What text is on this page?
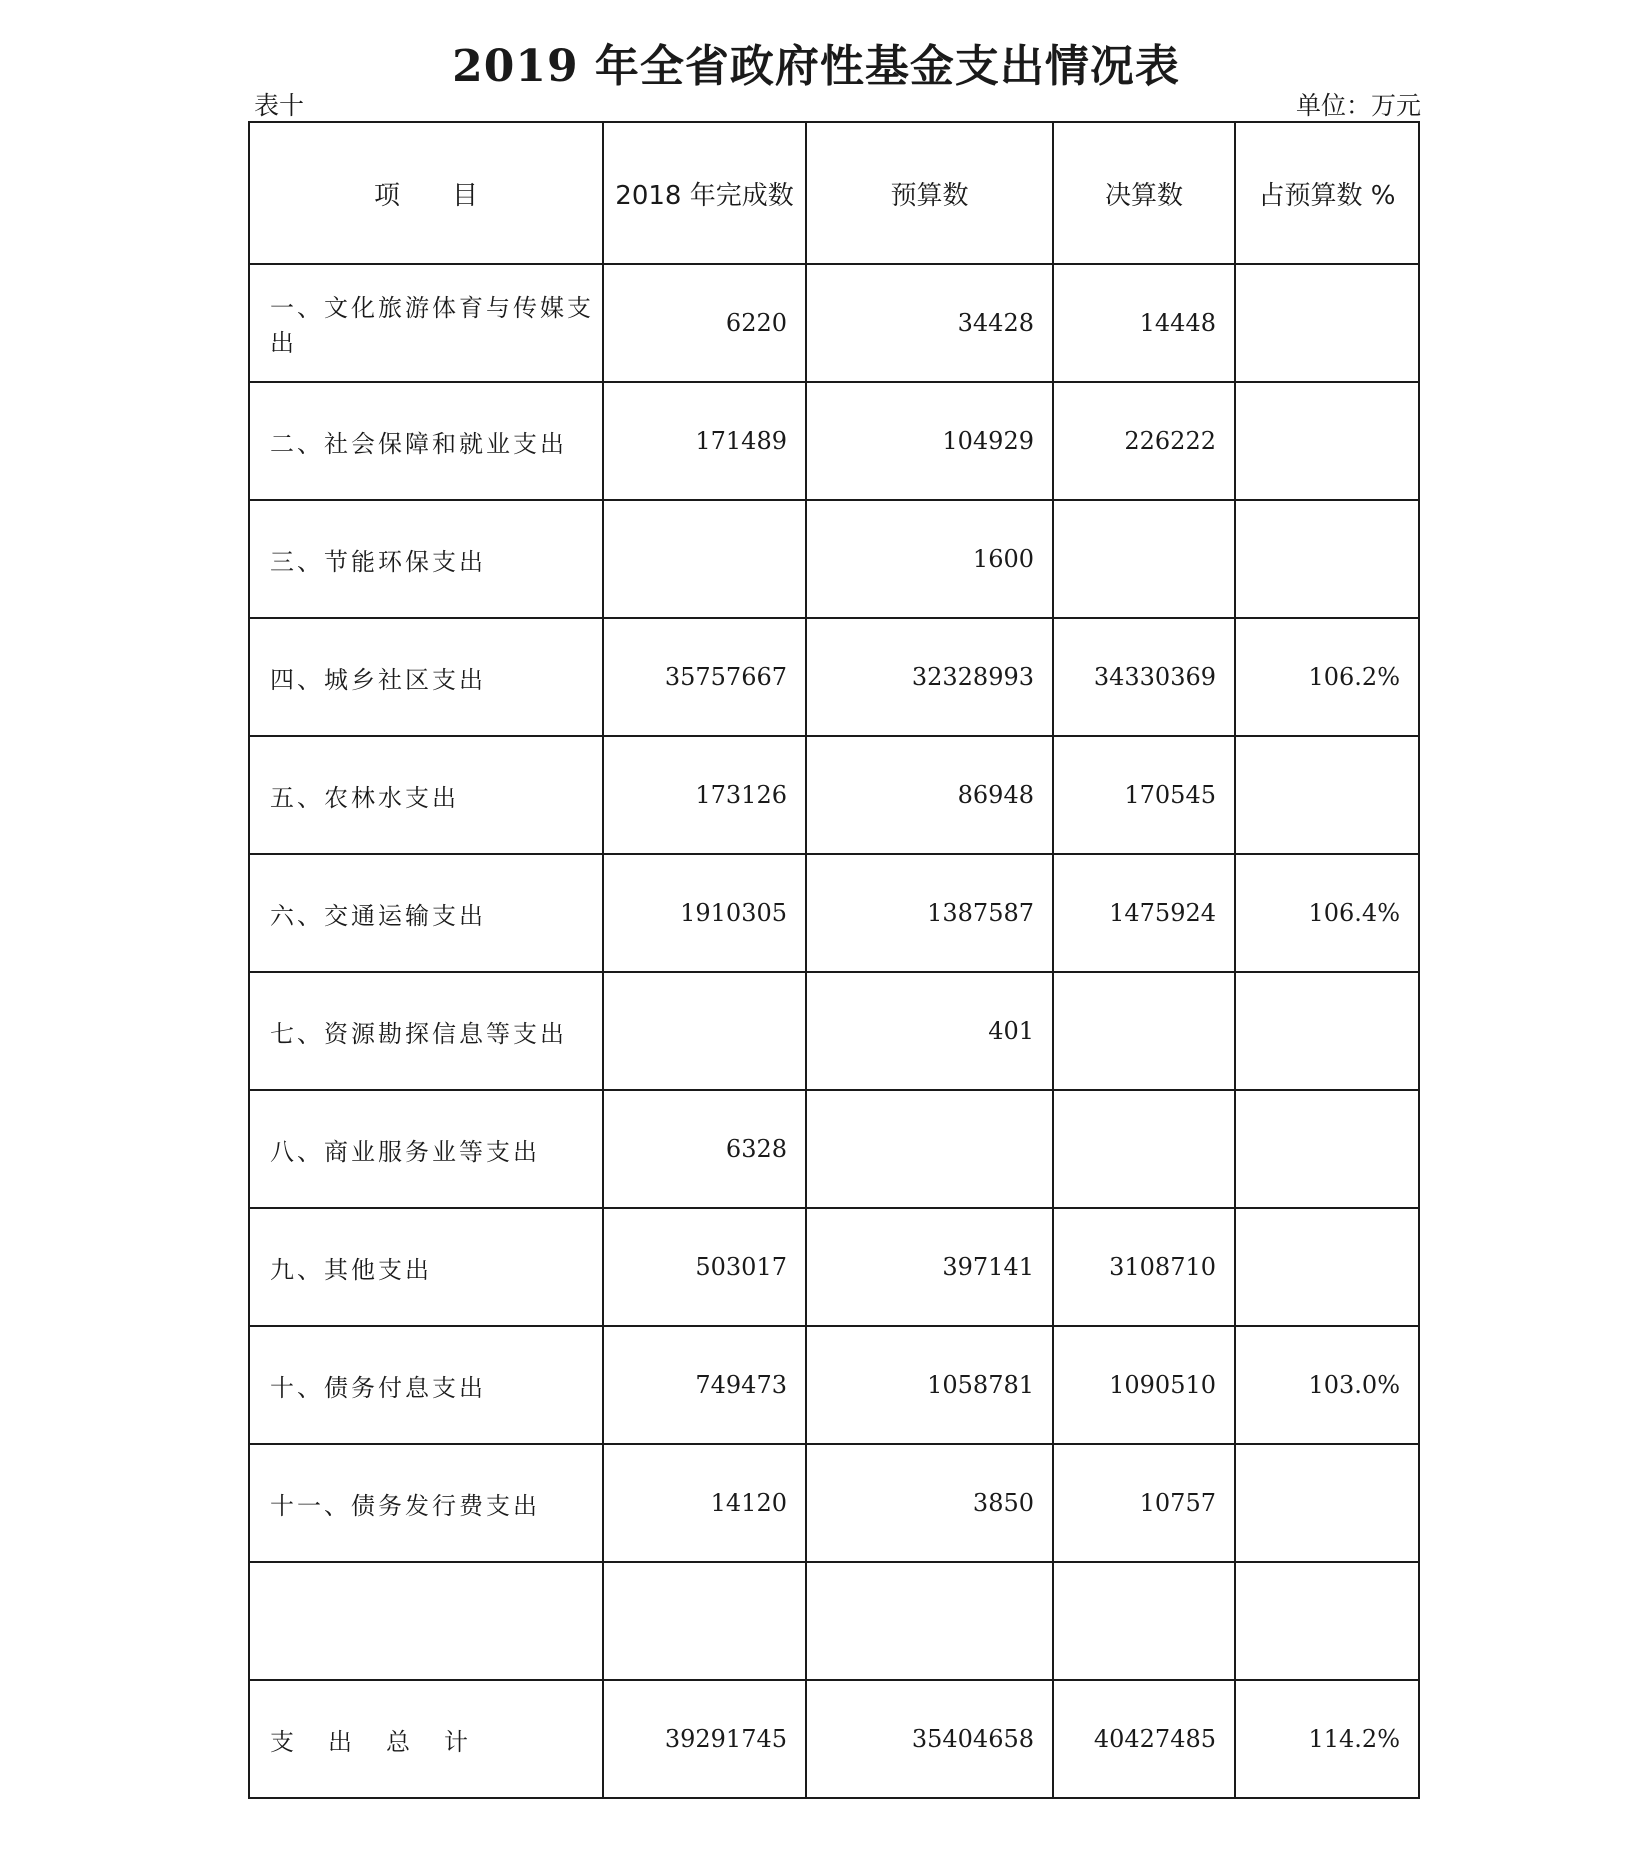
2019 年全省政府性基金支出情况表
表十	单位：万元
项　　目	2018 年完成数	预算数	决算数	占预算数 %
一、文化旅游体育与传媒支出	6220	34428	14448	
二、社会保障和就业支出	171489	104929	226222	
三、节能环保支出		1600		
四、城乡社区支出	35757667	32328993	34330369	106.2%
五、农林水支出	173126	86948	170545	
六、交通运输支出	1910305	1387587	1475924	106.4%
七、资源勘探信息等支出		401		
八、商业服务业等支出	6328			
九、其他支出	503017	397141	3108710	
十、债务付息支出	749473	1058781	1090510	103.0%
十一、债务发行费支出	14120	3850	10757	

支出总计	39291745	35404658	40427485	114.2%
